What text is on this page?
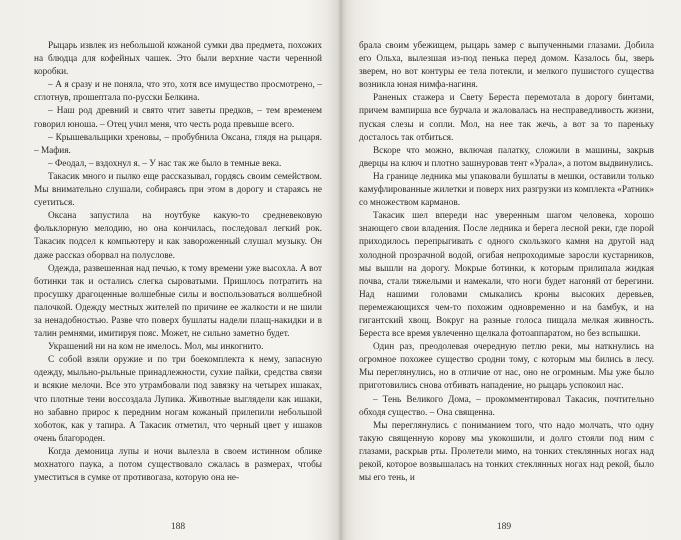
Рыцарь извлек из небольшой кожаной сумки два предмета, похожих на блюдца для кофейных чашек. Это были верхние части черенной коробки.

– А я сразу и не поняла, что это, хотя все имущество просмотрено, – сглотнув, прошептала по-русски Белкина.

– Наш род древний и свято чтит заветы предков, – тем временем говорил юноша. – Отец учил меня, что честь рода превыше всего.

– Крышевальщики хреновы, – пробубнила Оксана, глядя на рыцаря. – Мафия.

– Феодал, – вздохнул я. – У нас так же было в темные века.

Такасик много и пылко еще рассказывал, гордясь своим семейством. Мы внимательно слушали, собираясь при этом в дорогу и стараясь не суетиться.

Оксана запустила на ноутбуке какую-то средневековую фольклорную мелодию, но она кончилась, последовал легкий рок. Такасик подсел к компьютеру и как завороженный слушал музыку. Он даже рассказ оборвал на полуслове.

Одежда, развешенная над печью, к тому времени уже высохла. А вот ботинки так и остались слегка сыроватыми. Пришлось потратить на просушку драгоценные волшебные силы и воспользоваться волшебной палочкой. Одежду местных жителей по причине ее жалкости и не шили за ненадобностью. Разве что поверх бушлаты надели плащ-накидки и в талин ремнями, имитируя пояс. Может, не сильно заметно будет.

Украшений ни на ком не имелось. Мол, мы инкогнито.

С собой взяли оружие и по три боекомплекта к нему, запасную одежду, мыльно-рыльные принадлежности, сухие пайки, средства связи и всякие мелочи. Все это утрамбовали под завязку на четырех ишаках, что плотные тени воссоздала Лупика. Животные выглядели как ишаки, но забавно прирос к передним ногам кожаный прилепили небольшой хоботок, как у тапира. А Такасик отметил, что черный цвет у ишаков очень благороден.

Когда демоница лупы и ночи вылезла в своем истинном облике мохнатого паука, а потом существовало сжалась в размерах, чтобы уместиться в сумке от противогаза, которую она не-

брала своим убежищем, рыцарь замер с выпученными глазами. Добила его Ольха, вылезшая из-под пенька перед домом. Казалось бы, зверь зверем, но вот контуры ее тела потекли, и мелкого пушистого существа возникла юная нимфа-нагиня.

Раненых стажера и Свету Береста перемотала в дорогу бинтами, причем вампирша все бурчала и жаловалась на несправедливость жизни, пуская слезы и сопли. Мол, на нее так жечь, а вот за то пареньку досталось так отбиться.

Вскоре что можно, включая палатку, сложили в машины, закрыв дверцы на ключ и плотно зашнуровав тент «Урала», а потом выдвинулись.

На границе ледника мы упаковали бушлаты в мешки, оставили только камуфлированные жилетки и поверх них разгрузки из комплекта «Ратник» со множеством карманов.

Такасик шел впереди нас уверенным шагом человека, хорошо знающего свои владения. После ледника и берега лесной реки, где порой приходилось перепрыгивать с одного скользкого камня на другой над холодной прозрачной водой, огибая непроходимые заросли кустарников, мы вышли на дорогу. Мокрые ботинки, к которым прилипала жидкая почва, стали тяжелыми и намекали, что ноги будет нагоняй от берегини. Над нашими головами смыкались кроны высоких деревьев, перемежающихся чем-то похожим одновременно и на бамбук, и на гигантский хвощ. Вокруг на разные голоса пищала мелкая живность. Береста все время увлеченно щелкала фотоаппаратом, но без вспышки.

Один раз, преодолевая очередную петлю реки, мы наткнулись на огромное похожее существо сродни тому, с которым мы бились в лесу. Мы переглянулись, но в отличие от нас, оно не огромным. Мы уже было приготовились снова отбивать нападение, но рыцарь успокоил нас.

– Тень Великого Дома, – прокомментировал Такасик, почтительно обходя существо. – Она священна.

Мы переглянулись с пониманием того, что надо молчать, что одну такую священную корову мы укокошили, и долго стояли под ним с глазами, раскрыв рты. Пролетели мимо, на тонких стеклянных ногах над рекой, которое возвышалась на тонких стеклянных ногах над рекой, было мы его тень, и

188	189
